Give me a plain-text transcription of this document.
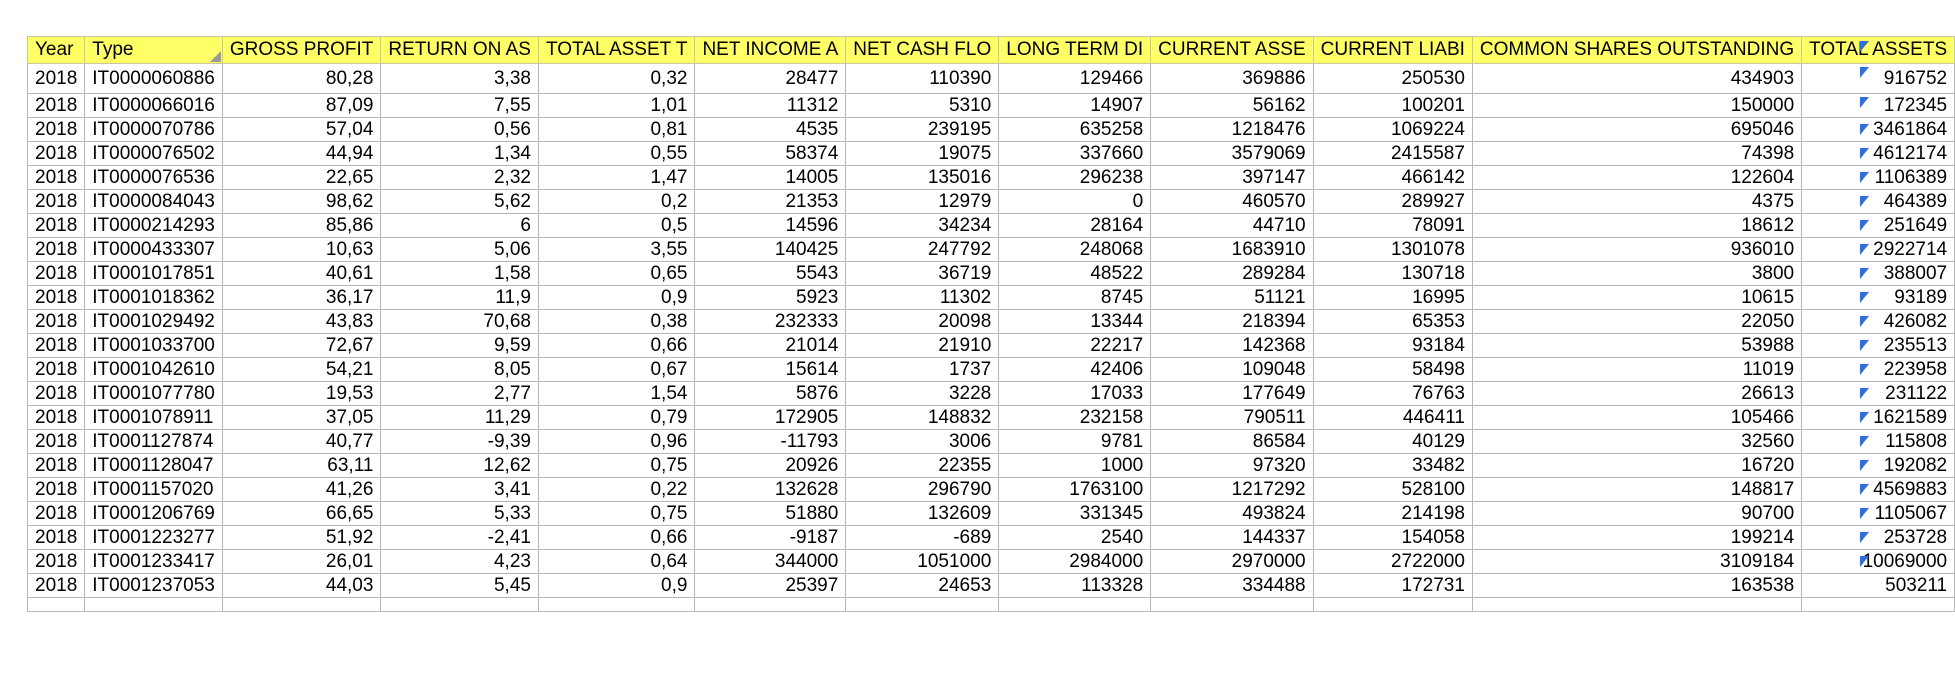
Year	Type	GROSS PROFIT	RETURN ON AS	TOTAL ASSET T	NET INCOME A	NET CASH FLO	LONG TERM DI	CURRENT ASSE	CURRENT LIABI	COMMON SHARES OUTSTANDING	TOTAL ASSETS
2018	IT0000060886	80,28	3,38	0,32	28477	110390	129466	369886	250530	434903	916752
2018	IT0000066016	87,09	7,55	1,01	11312	5310	14907	56162	100201	150000	172345
2018	IT0000070786	57,04	0,56	0,81	4535	239195	635258	1218476	1069224	695046	3461864
2018	IT0000076502	44,94	1,34	0,55	58374	19075	337660	3579069	2415587	74398	4612174
2018	IT0000076536	22,65	2,32	1,47	14005	135016	296238	397147	466142	122604	1106389
2018	IT0000084043	98,62	5,62	0,2	21353	12979	0	460570	289927	4375	464389
2018	IT0000214293	85,86	6	0,5	14596	34234	28164	44710	78091	18612	251649
2018	IT0000433307	10,63	5,06	3,55	140425	247792	248068	1683910	1301078	936010	2922714
2018	IT0001017851	40,61	1,58	0,65	5543	36719	48522	289284	130718	3800	388007
2018	IT0001018362	36,17	11,9	0,9	5923	11302	8745	51121	16995	10615	93189
2018	IT0001029492	43,83	70,68	0,38	232333	20098	13344	218394	65353	22050	426082
2018	IT0001033700	72,67	9,59	0,66	21014	21910	22217	142368	93184	53988	235513
2018	IT0001042610	54,21	8,05	0,67	15614	1737	42406	109048	58498	11019	223958
2018	IT0001077780	19,53	2,77	1,54	5876	3228	17033	177649	76763	26613	231122
2018	IT0001078911	37,05	11,29	0,79	172905	148832	232158	790511	446411	105466	1621589
2018	IT0001127874	40,77	-9,39	0,96	-11793	3006	9781	86584	40129	32560	115808
2018	IT0001128047	63,11	12,62	0,75	20926	22355	1000	97320	33482	16720	192082
2018	IT0001157020	41,26	3,41	0,22	132628	296790	1763100	1217292	528100	148817	4569883
2018	IT0001206769	66,65	5,33	0,75	51880	132609	331345	493824	214198	90700	1105067
2018	IT0001223277	51,92	-2,41	0,66	-9187	-689	2540	144337	154058	199214	253728
2018	IT0001233417	26,01	4,23	0,64	344000	1051000	2984000	2970000	2722000	3109184	10069000
2018	IT0001237053	44,03	5,45	0,9	25397	24653	113328	334488	172731	163538	503211
